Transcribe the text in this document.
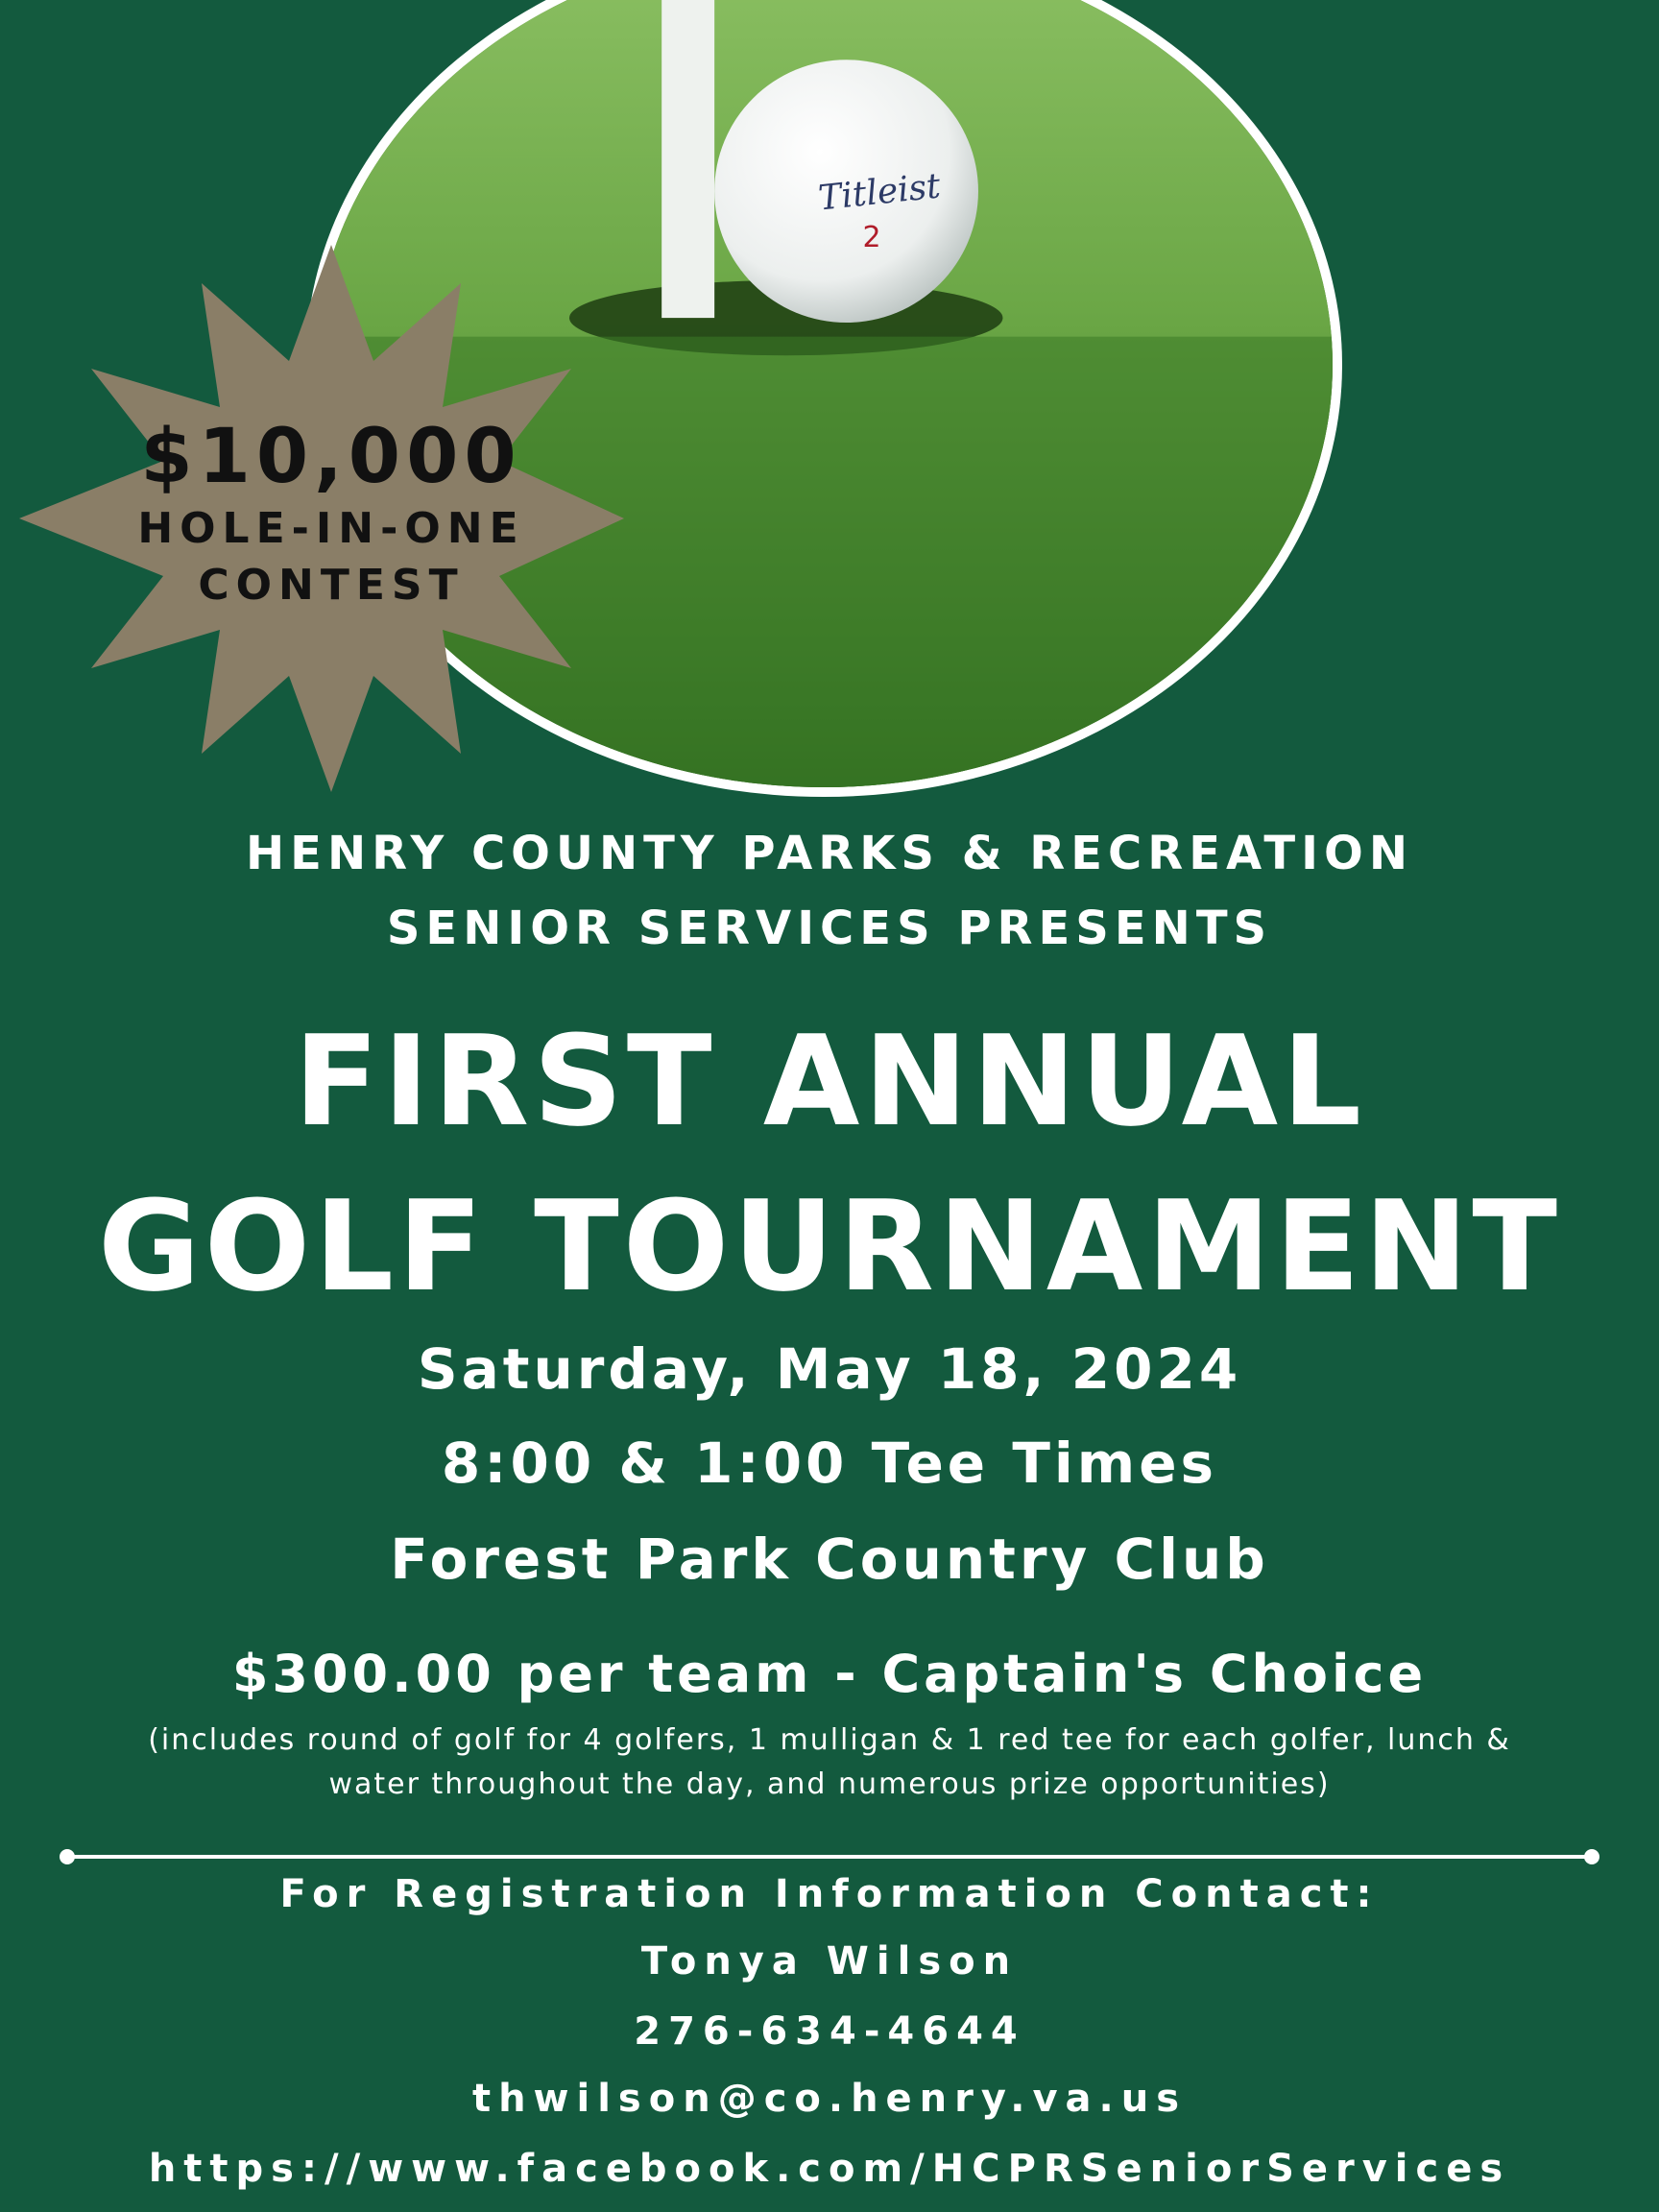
Titleist
2
$10,000
HOLE-IN-ONE
CONTEST
HENRY COUNTY PARKS & RECREATION
SENIOR SERVICES PRESENTS
FIRST ANNUAL
GOLF TOURNAMENT
Saturday, May 18, 2024
8:00 & 1:00 Tee Times
Forest Park Country Club
$300.00 per team - Captain's Choice
(includes round of golf for 4 golfers, 1 mulligan & 1 red tee for each golfer, lunch &
water throughout the day, and numerous prize opportunities)
For Registration Information Contact:
Tonya Wilson
276-634-4644
thwilson@co.henry.va.us
https://www.facebook.com/HCPRSeniorServices
